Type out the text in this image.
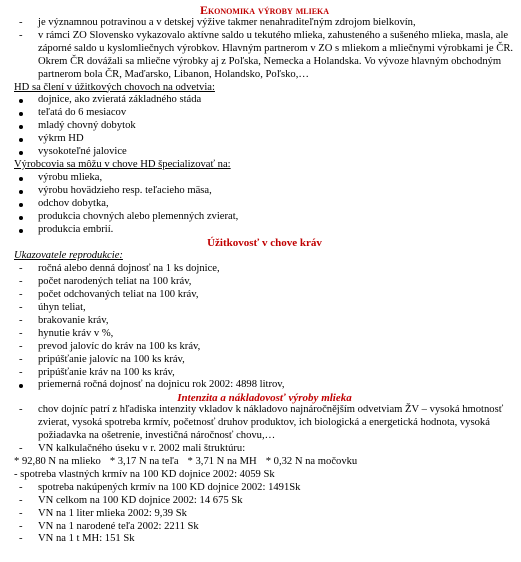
Ekonomika výroby mlieka

- je významnou potravinou a v detskej výžive takmer nenahraditeľným zdrojom bielkovín,
- v rámci ZO Slovensko vykazovalo aktívne saldo u tekutého mlieka, zahusteného a sušeného mlieka, masla, ale záporné saldo u kyslomliečnych výrobkov. Hlavným partnerom v ZO s mliekom a mliečnymi výrobkami je ČR. Okrem ČR dovážali sa mliečne výrobky aj z Poľska, Nemecka a Holandska. Vo vývoze hlavným obchodným partnerom bola ČR, Maďarsko, Libanon, Holandsko, Poľsko,…

HD sa člení v úžitkových chovoch na odvetvia:

dojnice, ako zvieratá základného stáda
teľatá do 6 mesiacov
mladý chovný dobytok
výkrm HD
vysokoteľné jalovice

Výrobcovia sa môžu v chove HD špecializovať na:

výrobu mlieka,
výrobu hovädzieho resp. teľacieho mäsa,
odchov dobytka,
produkcia chovných alebo plemenných zvierat,
produkcia embrií.

Úžitkovosť v chove kráv

Ukazovatele reprodukcie:

- ročná alebo denná dojnosť na 1 ks dojnice,
- počet narodených teliat na 100 kráv,
- počet odchovaných teliat na 100 kráv,
- úhyn teliat,
- brakovanie kráv,
- hynutie kráv v %,
- prevod jalovíc do kráv na 100 ks kráv,
- pripúšťanie jalovíc na 100 ks kráv,
- pripúšťanie kráv na 100 ks kráv,
priemerná ročná dojnosť na dojnicu rok 2002: 4898 litrov,

Intenzita a nákladovosť výroby mlieka

- chov dojníc patrí z hľadiska intenzity vkladov k nákladovo najnáročnějším odvetviam ŽV – vysoká hmotnosť zvierat, vysoká spotreba krmív, početnosť druhov produktov, ich biologická a energetická hodnota, vysoká požiadavka na ošetrenie, investičná náročnosť chovu,…
- VN kalkulačného úseku v r. 2002 mali štruktúru:
* 92,80 N na mlieko * 3,17 N na teľa * 3,71 N na MH * 0,32 N na močovku

- spotreba vlastných krmív na 100 KD dojnice 2002: 4059 Sk

- spotreba nakúpených krmív na 100 KD dojnice 2002: 1491Sk
- VN celkom na 100 KD dojnice 2002: 14 675 Sk
- VN na 1 liter mlieka 2002: 9,39 Sk
- VN na 1 narodené teľa 2002: 2211 Sk
- VN na 1 t MH: 151 Sk
